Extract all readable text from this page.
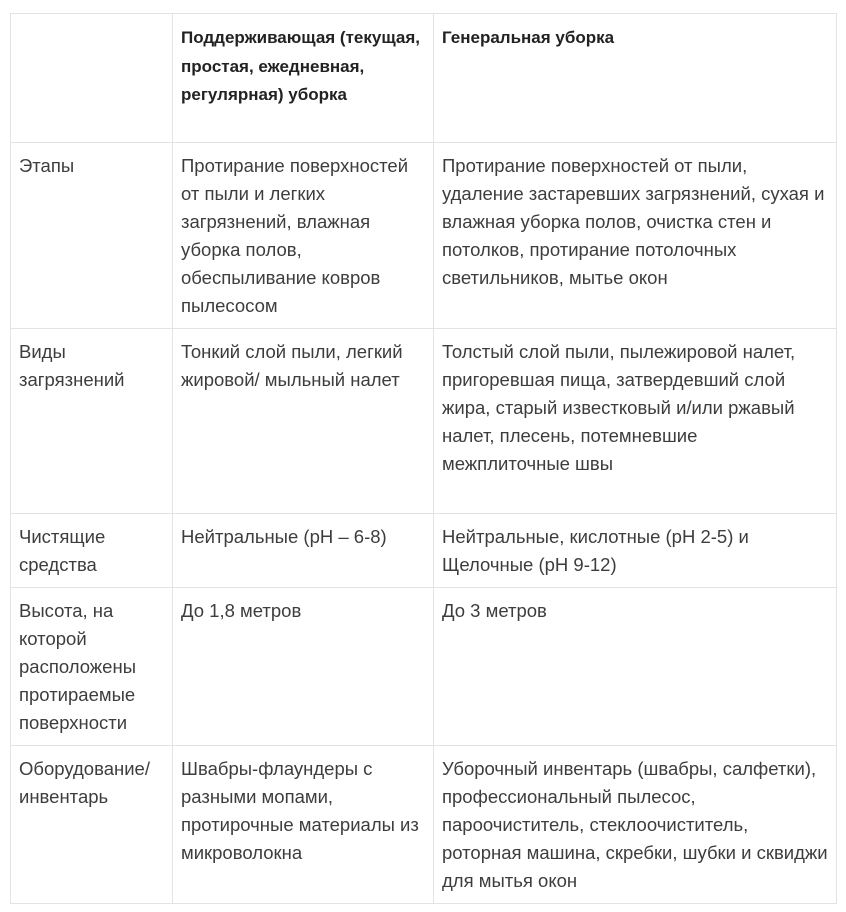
	Поддерживающая (текущая, простая, ежедневная, регулярная) уборка	Генеральная уборка
Этапы	Протирание поверхностей от пыли и легких загрязнений, влажная уборка полов, обеспыливание ковров пылесосом	Протирание поверхностей от пыли, удаление застаревших загрязнений, сухая и влажная уборка полов, очистка стен и потолков, протирание потолочных светильников, мытье окон
Виды загрязнений	Тонкий слой пыли, легкий жировой/ мыльный налет	Толстый слой пыли, пылежировой налет, пригоревшая пища, затвердевший слой жира, старый известковый и/или ржавый налет, плесень, потемневшие межплиточные швы
Чистящие средства	Нейтральные (рН – 6-8)	Нейтральные, кислотные (рН 2-5) и Щелочные (рН 9-12)
Высота, на которой расположены протираемые поверхности	До 1,8 метров	До 3 метров
Оборудование/ инвентарь	Швабры-флаундеры с разными мопами, протирочные материалы из микроволокна	Уборочный инвентарь (швабры, салфетки), профессиональный пылесос, пароочиститель, стеклоочиститель, роторная машина, скребки, шубки и сквиджи для мытья окон
